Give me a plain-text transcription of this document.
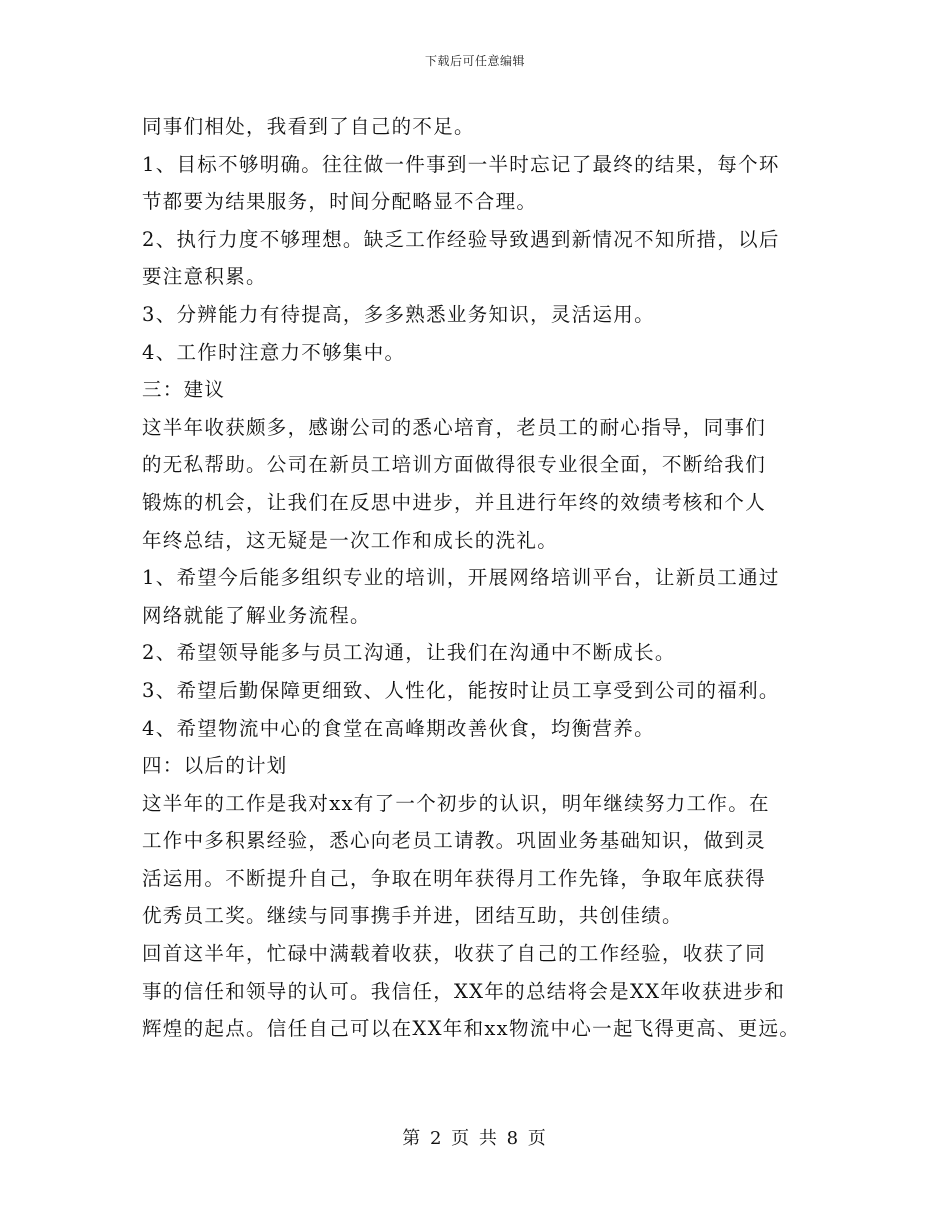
下载后可任意编辑
同事们相处，我看到了自己的不足。
1、目标不够明确。往往做一件事到一半时忘记了最终的结果，每个环
节都要为结果服务，时间分配略显不合理。
2、执行力度不够理想。缺乏工作经验导致遇到新情况不知所措，以后
要注意积累。
3、分辨能力有待提高，多多熟悉业务知识，灵活运用。
4、工作时注意力不够集中。
三：建议
这半年收获颇多，感谢公司的悉心培育，老员工的耐心指导，同事们
的无私帮助。公司在新员工培训方面做得很专业很全面，不断给我们
锻炼的机会，让我们在反思中进步，并且进行年终的效绩考核和个人
年终总结，这无疑是一次工作和成长的洗礼。
1、希望今后能多组织专业的培训，开展网络培训平台，让新员工通过
网络就能了解业务流程。
2、希望领导能多与员工沟通，让我们在沟通中不断成长。
3、希望后勤保障更细致、人性化，能按时让员工享受到公司的福利。
4、希望物流中心的食堂在高峰期改善伙食，均衡营养。
四：以后的计划
这半年的工作是我对xx有了一个初步的认识，明年继续努力工作。在
工作中多积累经验，悉心向老员工请教。巩固业务基础知识，做到灵
活运用。不断提升自己，争取在明年获得月工作先锋，争取年底获得
优秀员工奖。继续与同事携手并进，团结互助，共创佳绩。
回首这半年，忙碌中满载着收获，收获了自己的工作经验，收获了同
事的信任和领导的认可。我信任，XX年的总结将会是XX年收获进步和
辉煌的起点。信任自己可以在XX年和xx物流中心一起飞得更高、更远。
第 2 页 共 8 页
